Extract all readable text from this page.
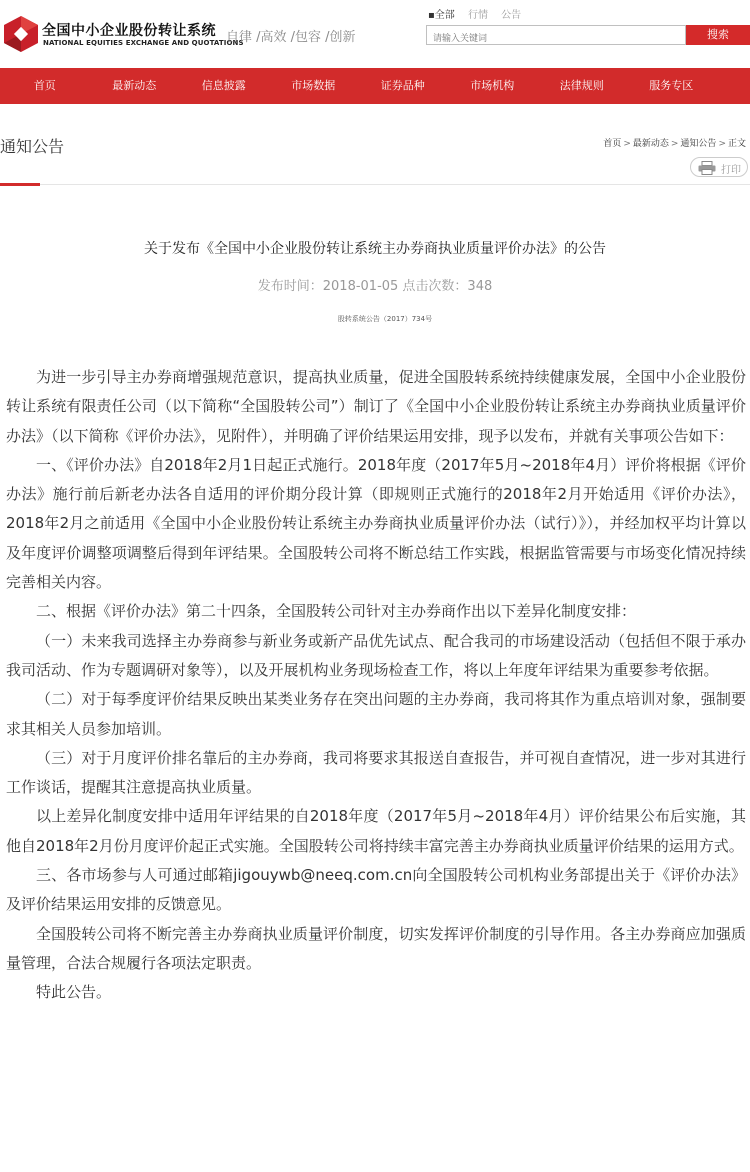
全国中小企业股份转让系统
NATIONAL EQUITIES EXCHANGE AND QUOTATIONS
自律 /高效 /包容 /创新
▪全部 行情 公告
请输入关键词
搜索
首页	最新动态	信息披露	市场数据	证券品种	市场机构	法律规则	服务专区
通知公告	首页 > 最新动态 > 通知公告 > 正文
打印
关于发布《全国中小企业股份转让系统主办券商执业质量评价办法》的公告
发布时间：2018-01-05 点击次数：348
股转系统公告（2017）734号

为进一步引导主办券商增强规范意识，提高执业质量，促进全国股转系统持续健康发展，全国中小企业股份转让系统有限责任公司（以下简称“全国股转公司”）制订了《全国中小企业股份转让系统主办券商执业质量评价办法》（以下简称《评价办法》，见附件），并明确了评价结果运用安排，现予以发布，并就有关事项公告如下：

一、《评价办法》自2018年2月1日起正式施行。2018年度（2017年5月~2018年4月）评价将根据《评价办法》施行前后新老办法各自适用的评价期分段计算（即规则正式施行的2018年2月开始适用《评价办法》，2018年2月之前适用《全国中小企业股份转让系统主办券商执业质量评价办法（试行）》），并经加权平均计算以及年度评价调整项调整后得到年评结果。全国股转公司将不断总结工作实践，根据监管需要与市场变化情况持续完善相关内容。

二、根据《评价办法》第二十四条，全国股转公司针对主办券商作出以下差异化制度安排：

（一）未来我司选择主办券商参与新业务或新产品优先试点、配合我司的市场建设活动（包括但不限于承办我司活动、作为专题调研对象等），以及开展机构业务现场检查工作，将以上年度年评结果为重要参考依据。

（二）对于每季度评价结果反映出某类业务存在突出问题的主办券商，我司将其作为重点培训对象，强制要求其相关人员参加培训。

（三）对于月度评价排名靠后的主办券商，我司将要求其报送自查报告，并可视自查情况，进一步对其进行工作谈话，提醒其注意提高执业质量。

以上差异化制度安排中适用年评结果的自2018年度（2017年5月~2018年4月）评价结果公布后实施，其他自2018年2月份月度评价起正式实施。全国股转公司将持续丰富完善主办券商执业质量评价结果的运用方式。

三、各市场参与人可通过邮箱jigouywb@neeq.com.cn向全国股转公司机构业务部提出关于《评价办法》及评价结果运用安排的反馈意见。

全国股转公司将不断完善主办券商执业质量评价制度，切实发挥评价制度的引导作用。各主办券商应加强质量管理，合法合规履行各项法定职责。

特此公告。
